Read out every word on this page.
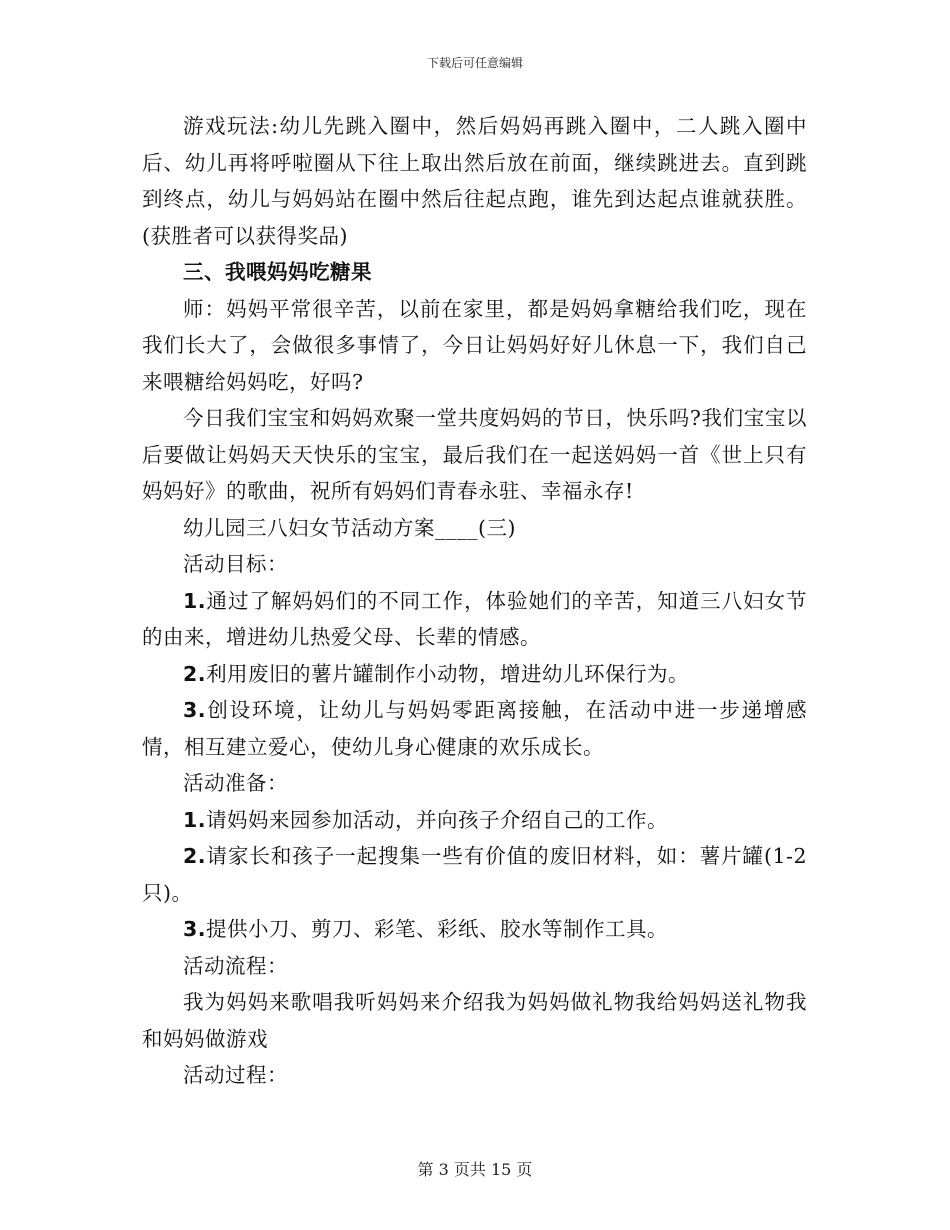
下载后可任意编辑

游戏玩法:幼儿先跳入圈中，然后妈妈再跳入圈中，二人跳入圈中后、幼儿再将呼啦圈从下往上取出然后放在前面，继续跳进去。直到跳到终点，幼儿与妈妈站在圈中然后往起点跑，谁先到达起点谁就获胜。(获胜者可以获得奖品)

三、我喂妈妈吃糖果

师：妈妈平常很辛苦，以前在家里，都是妈妈拿糖给我们吃，现在我们长大了，会做很多事情了，今日让妈妈好好儿休息一下，我们自己来喂糖给妈妈吃，好吗?

今日我们宝宝和妈妈欢聚一堂共度妈妈的节日，快乐吗?我们宝宝以后要做让妈妈天天快乐的宝宝，最后我们在一起送妈妈一首《世上只有妈妈好》的歌曲，祝所有妈妈们青春永驻、幸福永存!

幼儿园三八妇女节活动方案____(三)

活动目标：

1.通过了解妈妈们的不同工作，体验她们的辛苦，知道三八妇女节的由来，增进幼儿热爱父母、长辈的情感。

2.利用废旧的薯片罐制作小动物，增进幼儿环保行为。

3.创设环境，让幼儿与妈妈零距离接触，在活动中进一步递增感情，相互建立爱心，使幼儿身心健康的欢乐成长。

活动准备：

1.请妈妈来园参加活动，并向孩子介绍自己的工作。

2.请家长和孩子一起搜集一些有价值的废旧材料，如：薯片罐(1-2只)。

3.提供小刀、剪刀、彩笔、彩纸、胶水等制作工具。

活动流程：

我为妈妈来歌唱我听妈妈来介绍我为妈妈做礼物我给妈妈送礼物我和妈妈做游戏

活动过程：

第 3 页共 15 页
